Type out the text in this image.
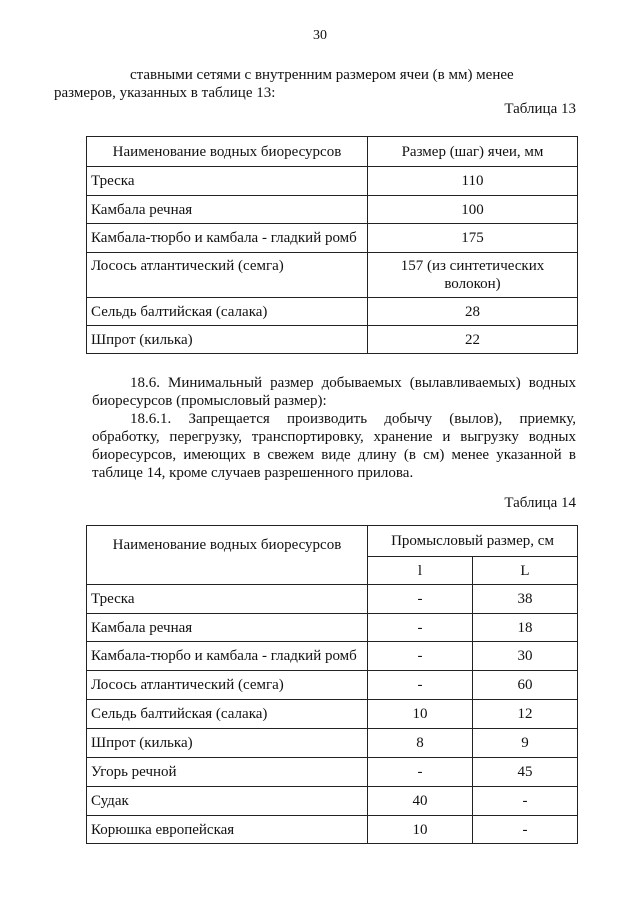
30
ставными сетями с внутренним размером ячеи (в мм) менее
размеров, указанных в таблице 13:
Таблица 13
Наименование водных биоресурсов	Размер (шаг) ячеи, мм
Треска	110
Камбала речная	100
Камбала-тюрбо и камбала - гладкий ромб	175
Лосось атлантический (семга)	157 (из синтетических волокон)
Сельдь балтийская (салака)	28
Шпрот (килька)	22
18.6. Минимальный размер добываемых (вылавливаемых) водных биоресурсов (промысловый размер):
18.6.1. Запрещается производить добычу (вылов), приемку, обработку, перегрузку, транспортировку, хранение и выгрузку водных биоресурсов, имеющих в свежем виде длину (в см) менее указанной в таблице 14, кроме случаев разрешенного прилова.
Таблица 14
Наименование водных биоресурсов	Промысловый размер, см	
	l	L
Треска	-	38
Камбала речная	-	18
Камбала-тюрбо и камбала - гладкий ромб	-	30
Лосось атлантический (семга)	-	60
Сельдь балтийская (салака)	10	12
Шпрот (килька)	8	9
Угорь речной	-	45
Судак	40	-
Корюшка европейская	10	-
